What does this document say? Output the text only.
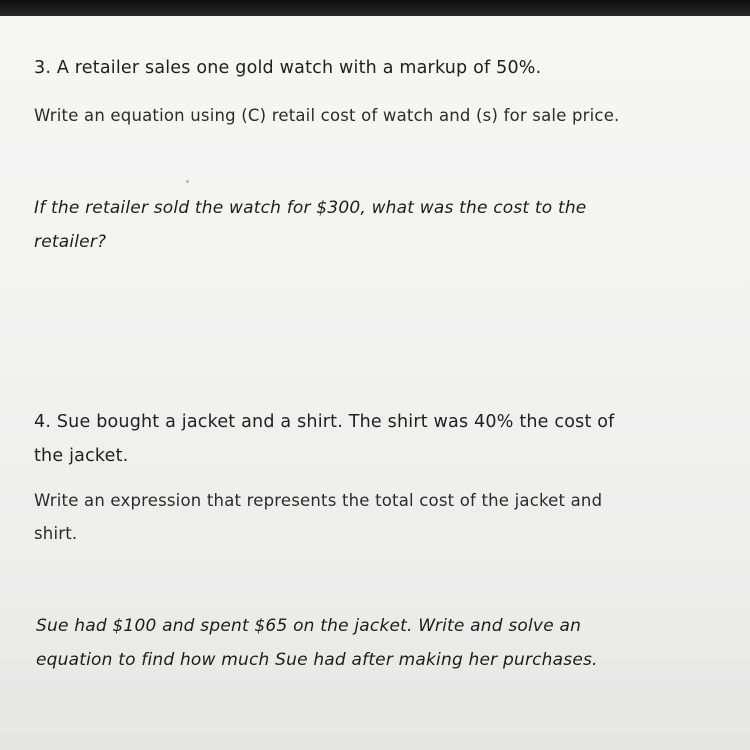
3. A retailer sales one gold watch with a markup of 50%.
Write an equation using (C) retail cost of watch and (s) for sale price.
If the retailer sold the watch for $300, what was the cost to the
retailer?
4. Sue bought a jacket and a shirt. The shirt was 40% the cost of
the jacket.
Write an expression that represents the total cost of the jacket and
shirt.
Sue had $100 and spent $65 on the jacket. Write and solve an
equation to find how much Sue had after making her purchases.
